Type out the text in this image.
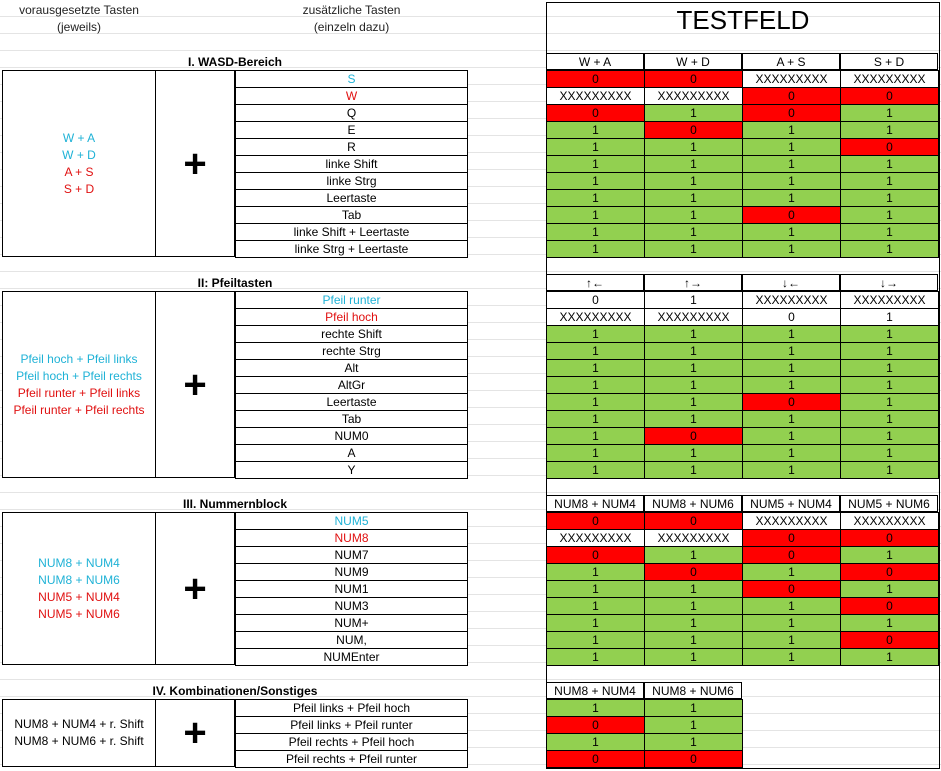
vorausgesetzte Tasten
(jeweils)
zusätzliche Tasten
(einzeln dazu)	TESTFELD
I. WASD-Bereich	W + A	W + D	A + S	S + D
W + A
W + D
A + S
S + D
+
S	0	0	XXXXXXXXX	XXXXXXXXX
W	XXXXXXXXX	XXXXXXXXX	0	0
Q	0	1	0	1
E	1	0	1	1
R	1	1	1	0
linke Shift	1	1	1	1
linke Strg	1	1	1	1
Leertaste	1	1	1	1
Tab	1	1	0	1
linke Shift + Leertaste	1	1	1	1
linke Strg + Leertaste	1	1	1	1
II: Pfeiltasten	↑←	↑→	↓←	↓→
Pfeil hoch + Pfeil links
Pfeil hoch + Pfeil rechts
Pfeil runter + Pfeil links
Pfeil runter + Pfeil rechts
+
Pfeil runter	0	1	XXXXXXXXX	XXXXXXXXX
Pfeil hoch	XXXXXXXXX	XXXXXXXXX	0	1
rechte Shift	1	1	1	1
rechte Strg	1	1	1	1
Alt	1	1	1	1
AltGr	1	1	1	1
Leertaste	1	1	0	1
Tab	1	1	1	1
NUM0	1	0	1	1
A	1	1	1	1
Y	1	1	1	1
III. Nummernblock	NUM8 + NUM4	NUM8 + NUM6	NUM5 + NUM4	NUM5 + NUM6
NUM8 + NUM4
NUM8 + NUM6
NUM5 + NUM4
NUM5 + NUM6
+
NUM5	0	0	XXXXXXXXX	XXXXXXXXX
NUM8	XXXXXXXXX	XXXXXXXXX	0	0
NUM7	0	1	0	1
NUM9	1	0	1	0
NUM1	1	1	0	1
NUM3	1	1	1	0
NUM+	1	1	1	1
NUM,	1	1	1	0
NUMEnter	1	1	1	1
IV. Kombinationen/Sonstiges	NUM8 + NUM4	NUM8 + NUM6
NUM8 + NUM4 + r. Shift
NUM8 + NUM6 + r. Shift +
Pfeil links + Pfeil hoch	1	1
Pfeil links + Pfeil runter	0	1
Pfeil rechts + Pfeil hoch	1	1
Pfeil rechts + Pfeil runter	0	0
